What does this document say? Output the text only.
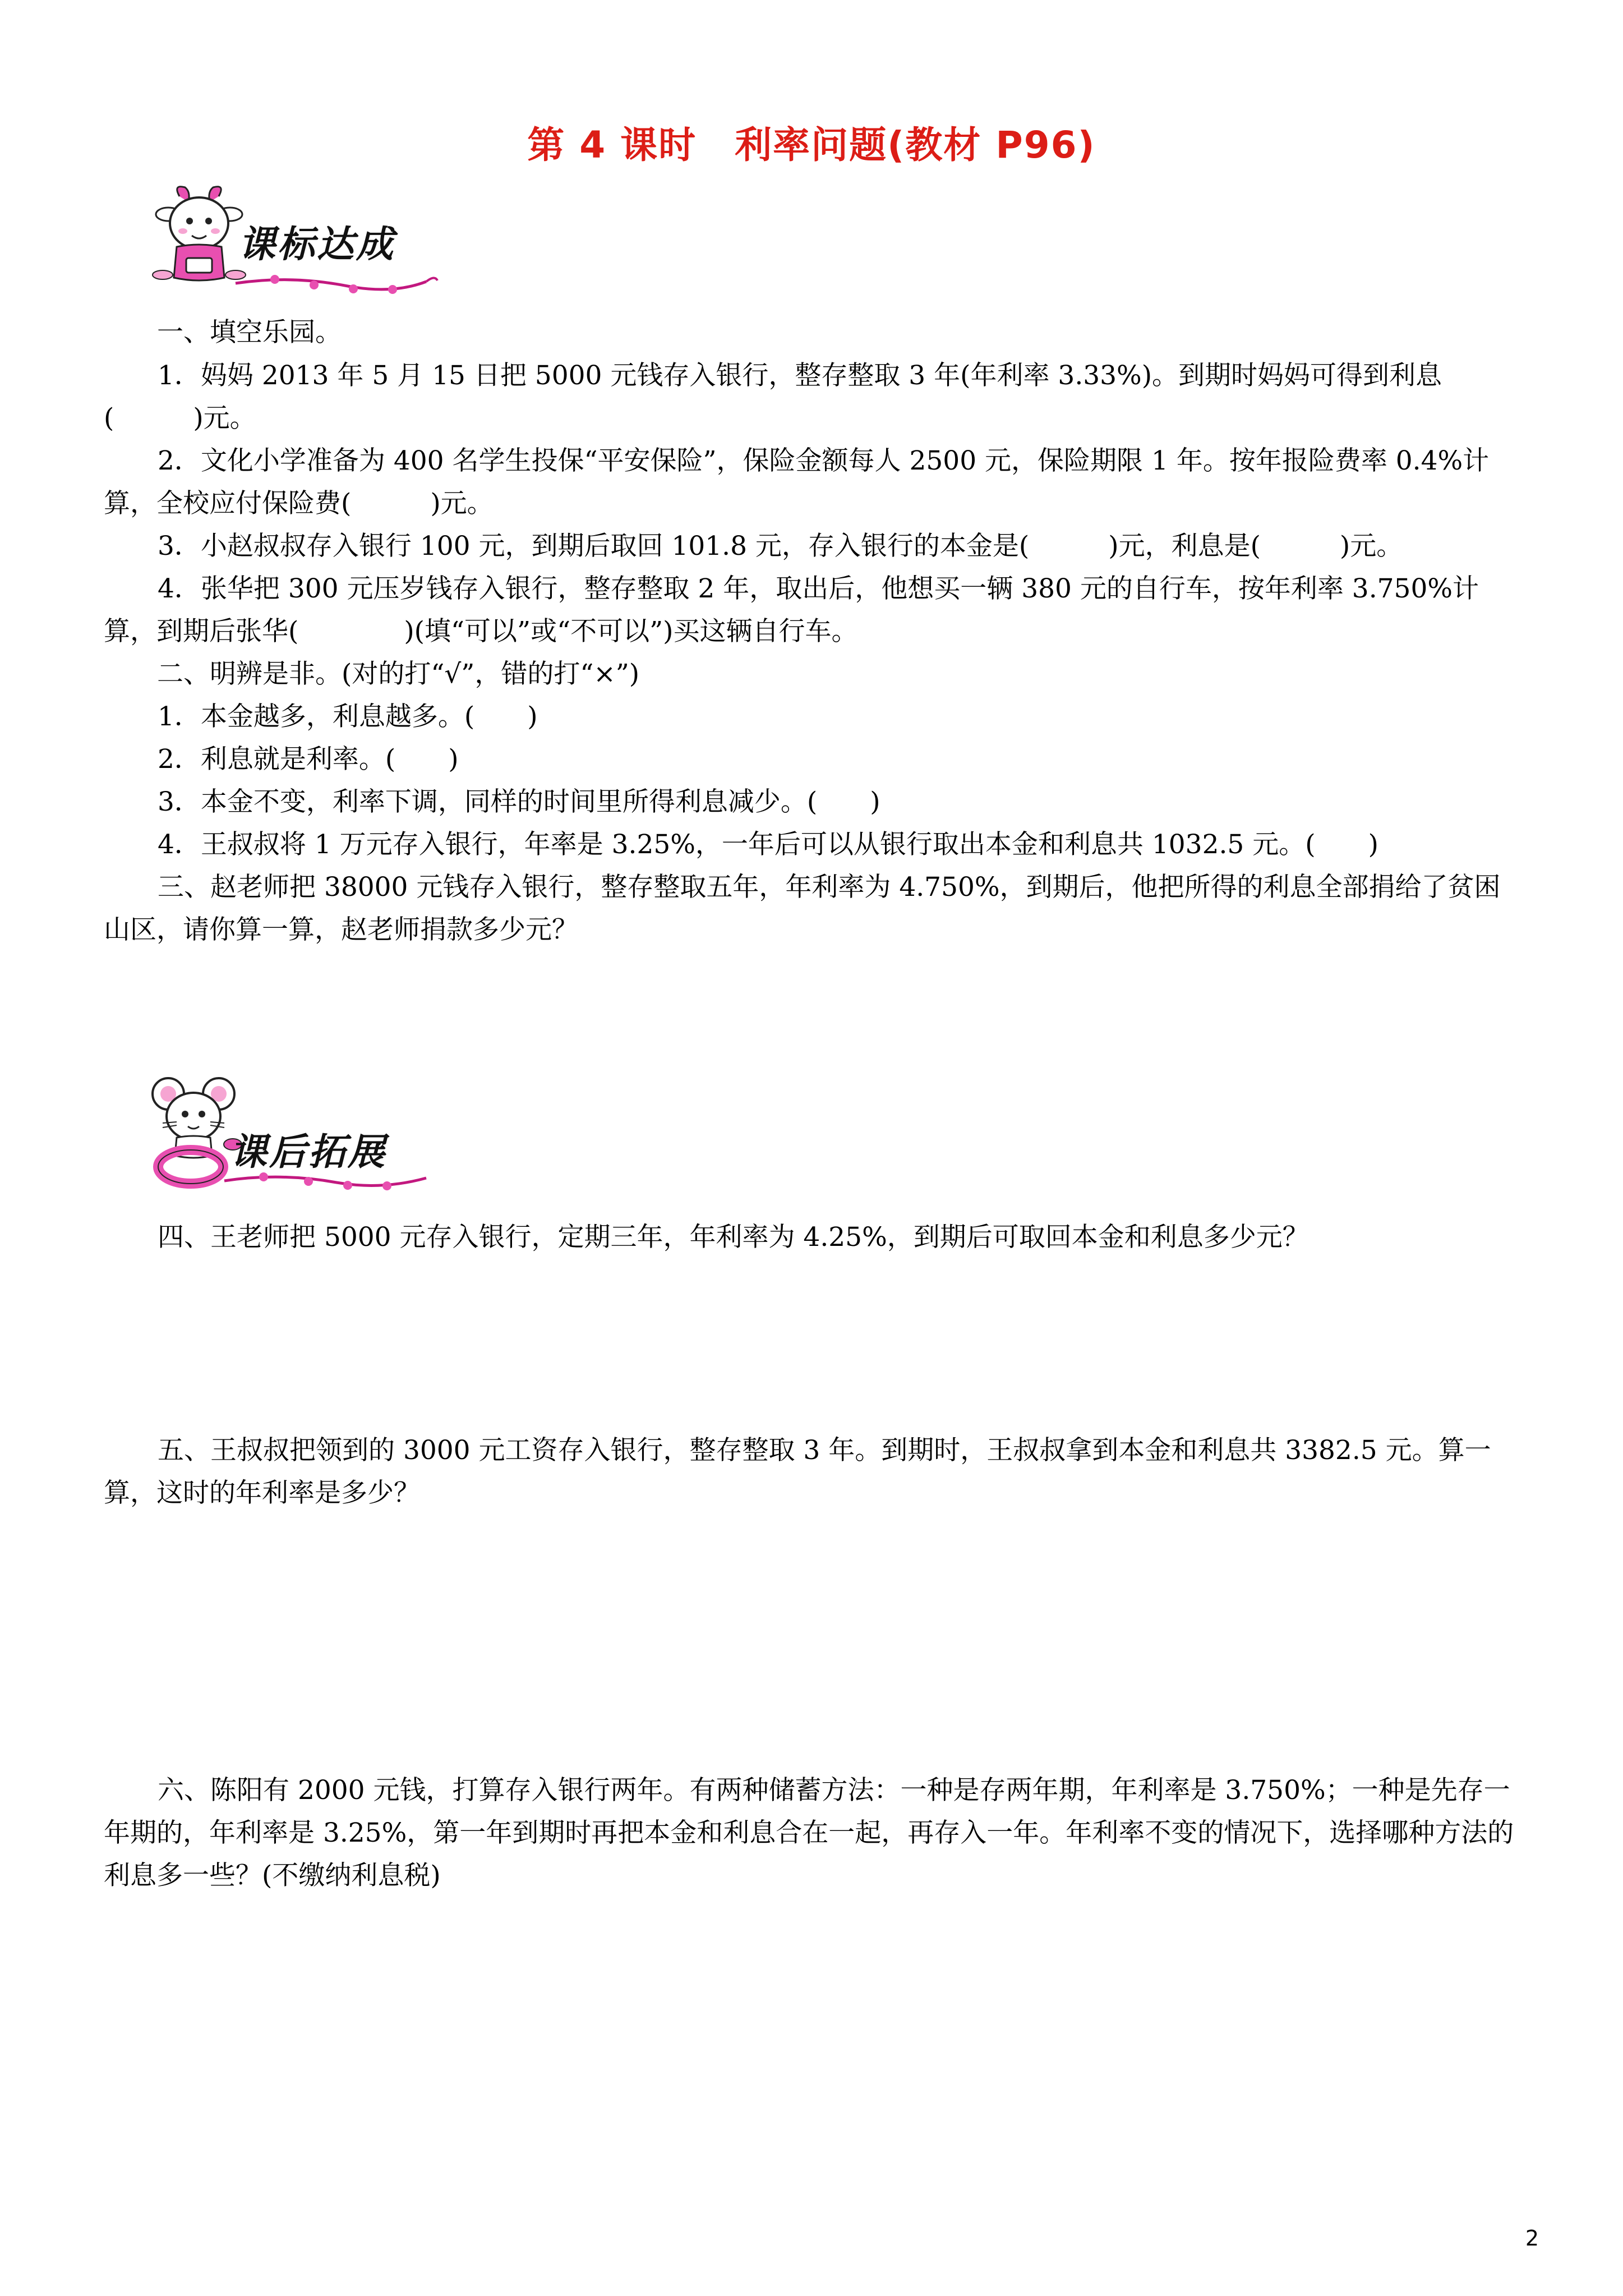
第 4 课时　利率问题(教材 P96)
课标达成
一、填空乐园。

1．妈妈 2013 年 5 月 15 日把 5000 元钱存入银行，整存整取 3 年(年利率 3.33%)。到期时妈妈可得到利息(　　　)元。

2．文化小学准备为 400 名学生投保“平安保险”，保险金额每人 2500 元，保险期限 1 年。按年报险费率 0.4%计算，全校应付保险费(　　　)元。

3．小赵叔叔存入银行 100 元，到期后取回 101.8 元，存入银行的本金是(　　　)元，利息是(　　　)元。

4．张华把 300 元压岁钱存入银行，整存整取 2 年，取出后，他想买一辆 380 元的自行车，按年利率 3.750%计算，到期后张华(　　　　)(填“可以”或“不可以”)买这辆自行车。

二、明辨是非。(对的打“√”，错的打“×”)

1．本金越多，利息越多。(　　)

2．利息就是利率。(　　)

3．本金不变，利率下调，同样的时间里所得利息减少。(　　)

4．王叔叔将 1 万元存入银行，年率是 3.25%，一年后可以从银行取出本金和利息共 1032.5 元。(　　)

三、赵老师把 38000 元钱存入银行，整存整取五年，年利率为 4.750%，到期后，他把所得的利息全部捐给了贫困山区，请你算一算，赵老师捐款多少元？

课后拓展

四、王老师把 5000 元存入银行，定期三年，年利率为 4.25%，到期后可取回本金和利息多少元？

五、王叔叔把领到的 3000 元工资存入银行，整存整取 3 年。到期时，王叔叔拿到本金和利息共 3382.5 元。算一算，这时的年利率是多少？

六、陈阳有 2000 元钱，打算存入银行两年。有两种储蓄方法：一种是存两年期，年利率是 3.750%；一种是先存一年期的，年利率是 3.25%，第一年到期时再把本金和利息合在一起，再存入一年。年利率不变的情况下，选择哪种方法的利息多一些？(不缴纳利息税)

2
